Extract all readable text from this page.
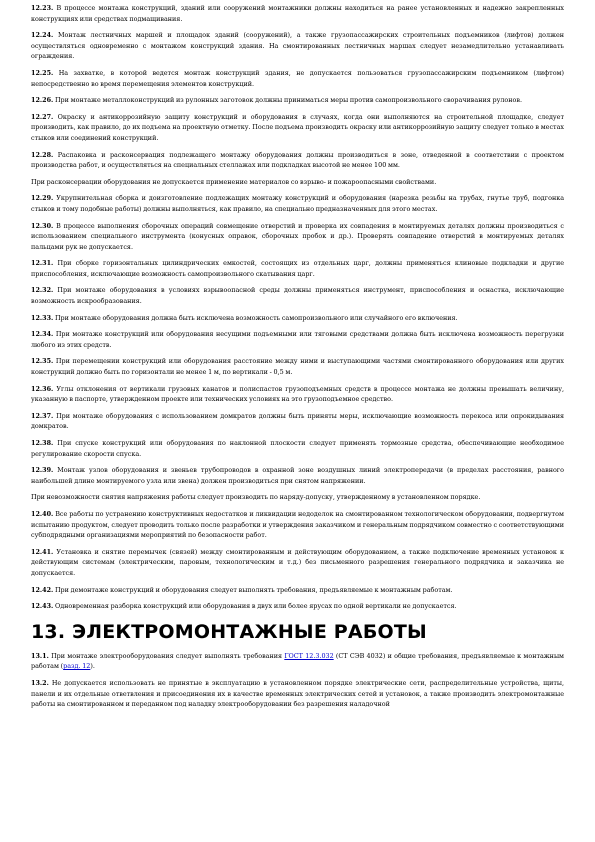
12.23. В процессе монтажа конструкций, зданий или сооружений монтажники должны находиться на ранее установленных и надежно закрепленных конструкциях или средствах подмащивания.

12.24. Монтаж лестничных маршей и площадок зданий (сооружений), а также грузопассажирских строительных подъемников (лифтов) должен осуществляться одновременно с монтажом конструкций здания. На смонтированных лестничных маршах следует незамедлительно устанавливать ограждения.

12.25. На захватке, в которой ведется монтаж конструкций здания, не допускается пользоваться грузопассажирским подъемником (лифтом) непосредственно во время перемещения элементов конструкций.

12.26. При монтаже металлоконструкций из рулонных заготовок должны приниматься меры против самопроизвольного сворачивания рулонов.

12.27. Окраску и антикоррозийную защиту конструкций и оборудования в случаях, когда они выполняются на строительной площадке, следует производить, как правило, до их подъема на проектную отметку. После подъема производить окраску или антикоррозийную защиту следует только в местах стыков или соединений конструкций.

12.28. Распаковка и расконсервация подлежащего монтажу оборудования должны производиться в зоне, отведенной в соответствии с проектом производства работ, и осуществляться на специальных стеллажах или подкладках высотой не менее 100 мм.

При расконсервации оборудования не допускается применение материалов со взрыво- и пожароопасными свойствами.

12.29. Укрупнительная сборка и доизготовление подлежащих монтажу конструкций и оборудования (нарезка резьбы на трубах, гнутье труб, подгонка стыков и тому подобные работы) должны выполняться, как правило, на специально предназначенных для этого местах.

12.30. В процессе выполнения сборочных операций совмещение отверстий и проверка их совпадения в монтируемых деталях должны производиться с использованием специального инструмента (конусных оправок, сборочных пробок и др.). Проверять совпадение отверстий в монтируемых деталях пальцами рук не допускается.

12.31. При сборке горизонтальных цилиндрических емкостей, состоящих из отдельных царг, должны применяться клиновые подкладки и другие приспособления, исключающие возможность самопроизвольного скатывания царг.

12.32. При монтаже оборудования в условиях взрывоопасной среды должны применяться инструмент, приспособления и оснастка, исключающие возможность искрообразования.

12.33. При монтаже оборудования должна быть исключена возможность самопроизвольного или случайного его включения.

12.34. При монтаже конструкций или оборудования несущими подъемными или тяговыми средствами должна быть исключена возможность перегрузки любого из этих средств.

12.35. При перемещении конструкций или оборудования расстояние между ними и выступающими частями смонтированного оборудования или других конструкций должно быть по горизонтали не менее 1 м, по вертикали - 0,5 м.

12.36. Углы отклонения от вертикали грузовых канатов и полиспастов грузоподъемных средств в процессе монтажа не должны превышать величину, указанную в паспорте, утвержденном проекте или технических условиях на это грузоподъемное средство.

12.37. При монтаже оборудования с использованием домкратов должны быть приняты меры, исключающие возможность перекоса или опрокидывания домкратов.

12.38. При спуске конструкций или оборудования по наклонной плоскости следует применять тормозные средства, обеспечивающие необходимое регулирование скорости спуска.

12.39. Монтаж узлов оборудования и звеньев трубопроводов в охранной зоне воздушных линий электропередачи (в пределах расстояния, равного наибольшей длине монтируемого узла или звена) должен производиться при снятом напряжении.

При невозможности снятия напряжения работы следует производить по наряду-допуску, утвержденному в установленном порядке.

12.40. Все работы по устранению конструктивных недостатков и ликвидации недоделок на смонтированном технологическом оборудовании, подвергнутом испытанию продуктом, следует проводить только после разработки и утверждения заказчиком и генеральным подрядчиком совместно с соответствующими субподрядными организациями мероприятий по безопасности работ.

12.41. Установка и снятие перемычек (связей) между смонтированным и действующим оборудованием, а также подключение временных установок к действующим системам (электрическим, паровым, технологическим и т.д.) без письменного разрешения генерального подрядчика и заказчика не допускается.

12.42. При демонтаже конструкций и оборудования следует выполнять требования, предъявляемые к монтажным работам.

12.43. Одновременная разборка конструкций или оборудования в двух или более ярусах по одной вертикали не допускается.

13. ЭЛЕКТРОМОНТАЖНЫЕ РАБОТЫ

13.1. При монтаже электрооборудования следует выполнять требования ГОСТ 12.3.032 (СТ СЭВ 4032) и общие требования, предъявляемые к монтажным работам (разд. 12).

13.2. Не допускается использовать не принятые в эксплуатацию в установленном порядке электрические сети, распределительные устройства, щиты, панели и их отдельные ответвления и присоединения их в качестве временных электрических сетей и установок, а также производить электромонтажные работы на смонтированном и переданном под наладку электрооборудовании без разрешения наладочной
